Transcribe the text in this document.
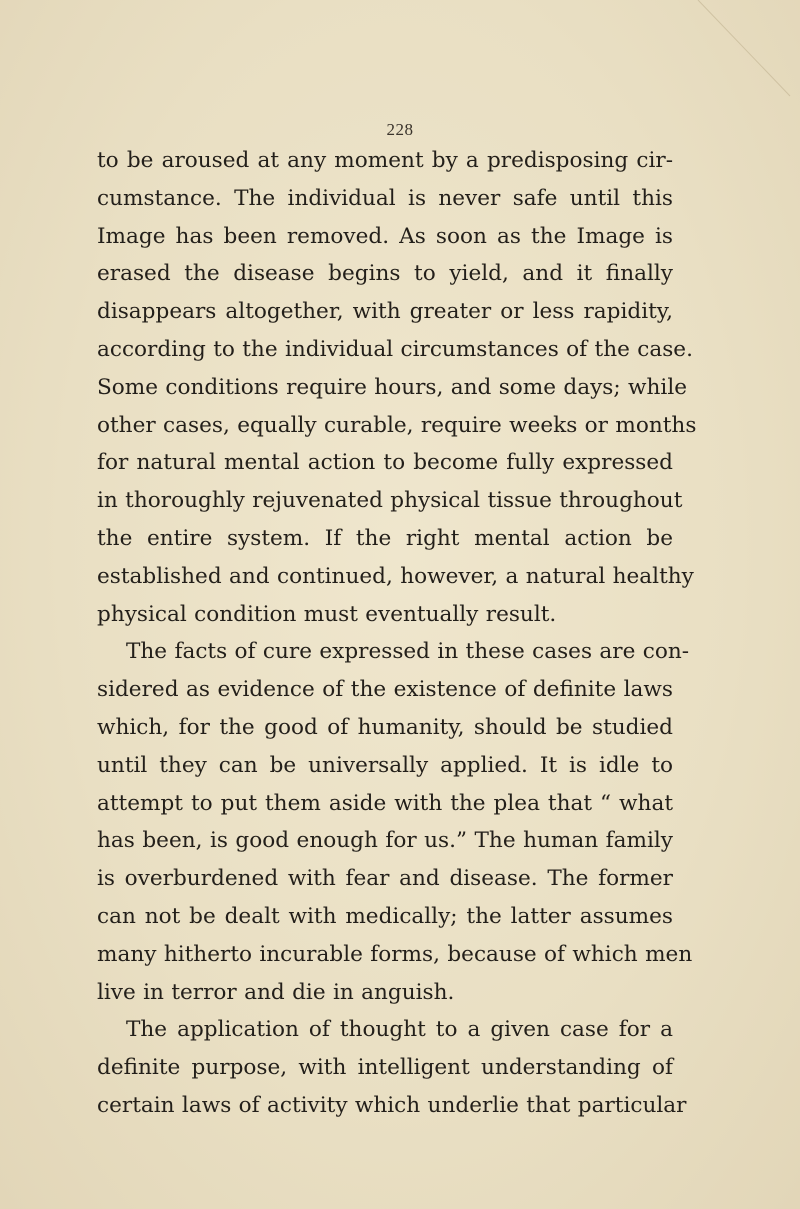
228
to be aroused at any moment by a predisposing cir-
cumstance. The individual is never safe until this
Image has been removed. As soon as the Image is
erased the disease begins to yield, and it finally
disappears altogether, with greater or less rapidity,
according to the individual circumstances of the case.
Some conditions require hours, and some days; while
other cases, equally curable, require weeks or months
for natural mental action to become fully expressed
in thoroughly rejuvenated physical tissue throughout
the entire system. If the right mental action be
established and continued, however, a natural healthy
physical condition must eventually result.
The facts of cure expressed in these cases are con-
sidered as evidence of the existence of definite laws
which, for the good of humanity, should be studied
until they can be universally applied. It is idle to
attempt to put them aside with the plea that “ what
has been, is good enough for us.” The human family
is overburdened with fear and disease. The former
can not be dealt with medically; the latter assumes
many hitherto incurable forms, because of which men
live in terror and die in anguish.
The application of thought to a given case for a
definite purpose, with intelligent understanding of
certain laws of activity which underlie that particular
